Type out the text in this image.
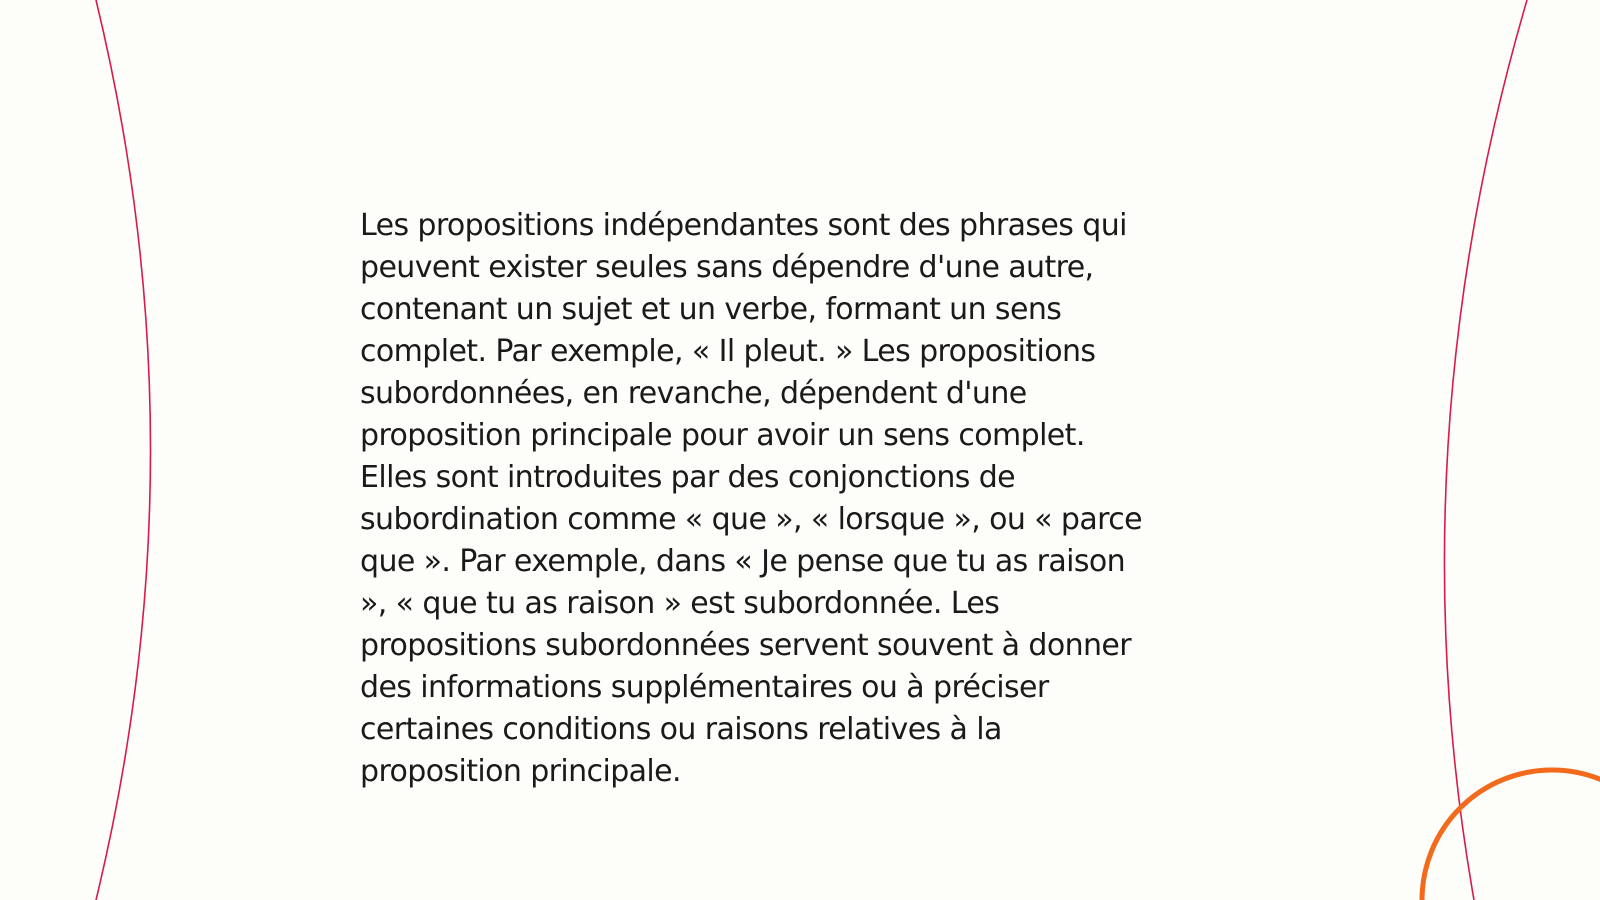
Les propositions indépendantes sont des phrases qui
peuvent exister seules sans dépendre d'une autre,
contenant un sujet et un verbe, formant un sens
complet. Par exemple, « Il pleut. » Les propositions
subordonnées, en revanche, dépendent d'une
proposition principale pour avoir un sens complet.
Elles sont introduites par des conjonctions de
subordination comme « que », « lorsque », ou « parce
que ». Par exemple, dans « Je pense que tu as raison
», « que tu as raison » est subordonnée. Les
propositions subordonnées servent souvent à donner
des informations supplémentaires ou à préciser
certaines conditions ou raisons relatives à la
proposition principale.
